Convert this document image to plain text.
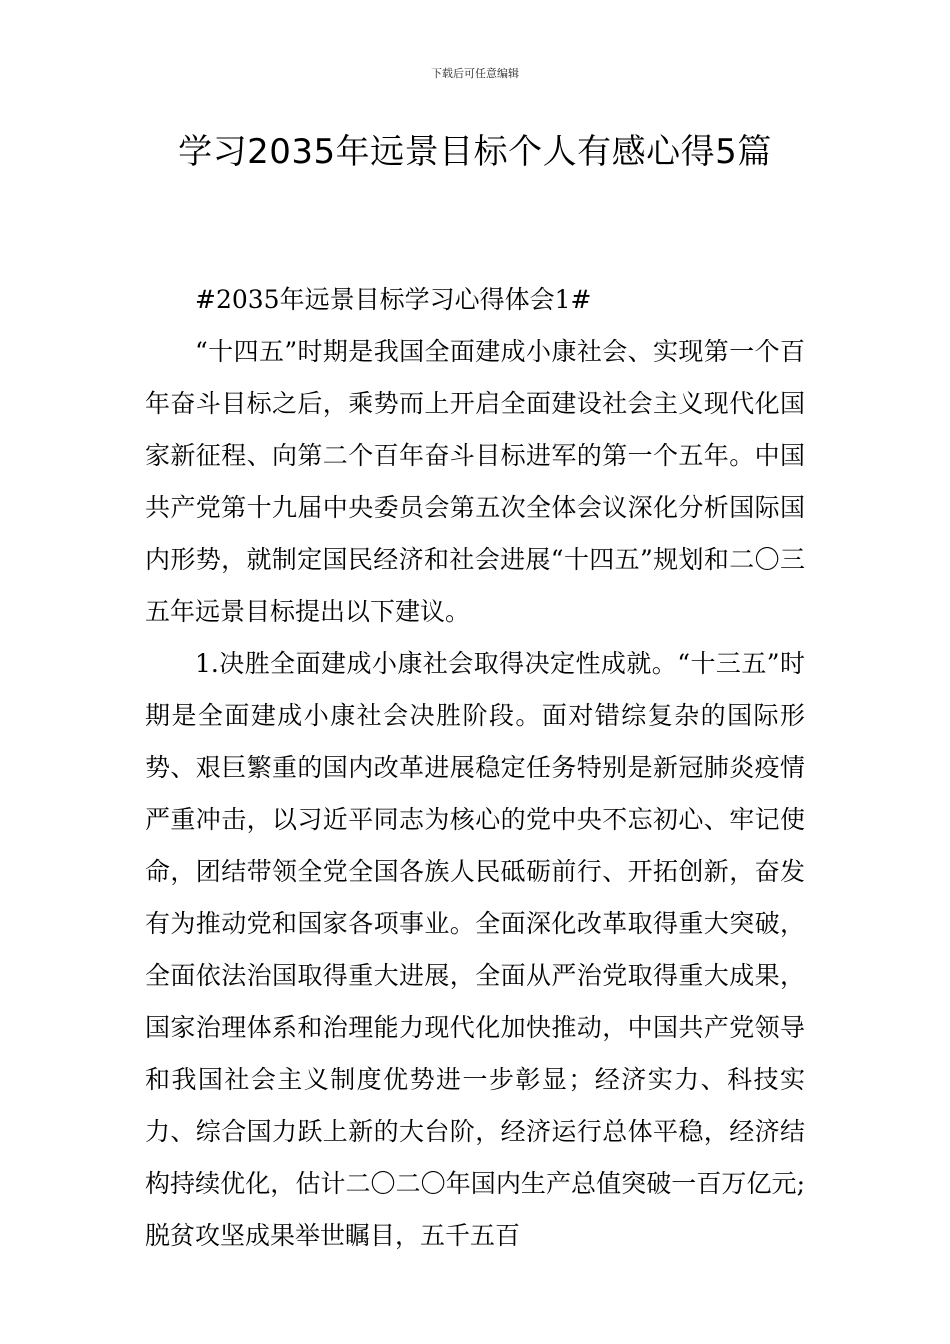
下载后可任意编辑
学习2035年远景目标个人有感心得5篇

#2035年远景目标学习心得体会1#

“十四五”时期是我国全面建成小康社会、实现第一个百年奋斗目标之后，乘势而上开启全面建设社会主义现代化国家新征程、向第二个百年奋斗目标进军的第一个五年。中国共产党第十九届中央委员会第五次全体会议深化分析国际国内形势，就制定国民经济和社会进展“十四五”规划和二〇三五年远景目标提出以下建议。

1.决胜全面建成小康社会取得决定性成就。“十三五”时期是全面建成小康社会决胜阶段。面对错综复杂的国际形势、艰巨繁重的国内改革进展稳定任务特别是新冠肺炎疫情严重冲击，以习近平同志为核心的党中央不忘初心、牢记使命，团结带领全党全国各族人民砥砺前行、开拓创新，奋发有为推动党和国家各项事业。全面深化改革取得重大突破，全面依法治国取得重大进展，全面从严治党取得重大成果，国家治理体系和治理能力现代化加快推动，中国共产党领导和我国社会主义制度优势进一步彰显；经济实力、科技实力、综合国力跃上新的大台阶，经济运行总体平稳，经济结构持续优化，估计二〇二〇年国内生产总值突破一百万亿元;脱贫攻坚成果举世瞩目，五千五百
